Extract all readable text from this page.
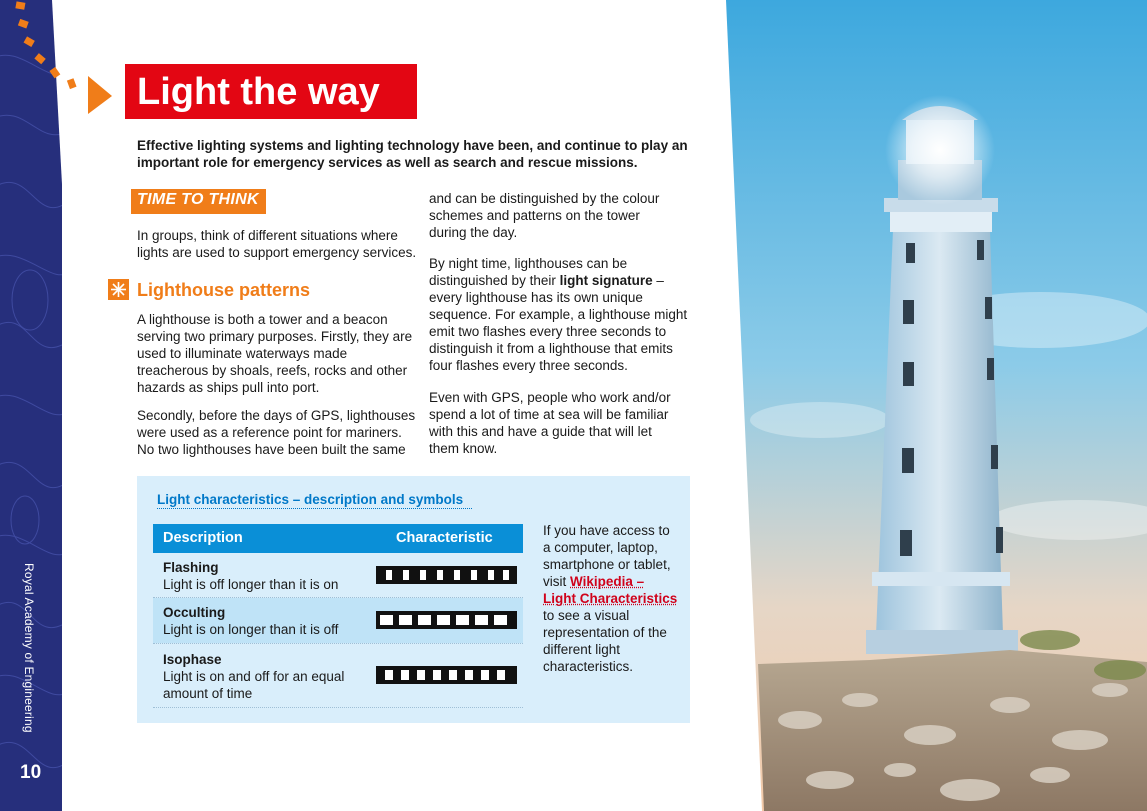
Royal Academy of Engineering
10
Light the way
Effective lighting systems and lighting technology have been, and continue to play an important role for emergency services as well as search and rescue missions.
TIME TO THINK
In groups, think of different situations where lights are used to support emergency services.
Lighthouse patterns
A lighthouse is both a tower and a beacon serving two primary purposes. Firstly, they are used to illuminate waterways made treacherous by shoals, reefs, rocks and other hazards as ships pull into port.
Secondly, before the days of GPS, lighthouses were used as a reference point for mariners. No two lighthouses have been built the same
and can be distinguished by the colour schemes and patterns on the tower during the day.
By night time, lighthouses can be distinguished by their light signature – every lighthouse has its own unique sequence. For example, a lighthouse might emit two flashes every three seconds to distinguish it from a lighthouse that emits four flashes every three seconds.
Even with GPS, people who work and/or spend a lot of time at sea will be familiar with this and have a guide that will let them know.
Light characteristics – description and symbols
Description	Characteristic
Flashing
Light is off longer than it is on
Occulting
Light is on longer than it is off
Isophase
Light is on and off for an equal amount of time
If you have access to a computer, laptop, smartphone or tablet, visit Wikipedia – Light Characteristics to see a visual representation of the different light characteristics.
